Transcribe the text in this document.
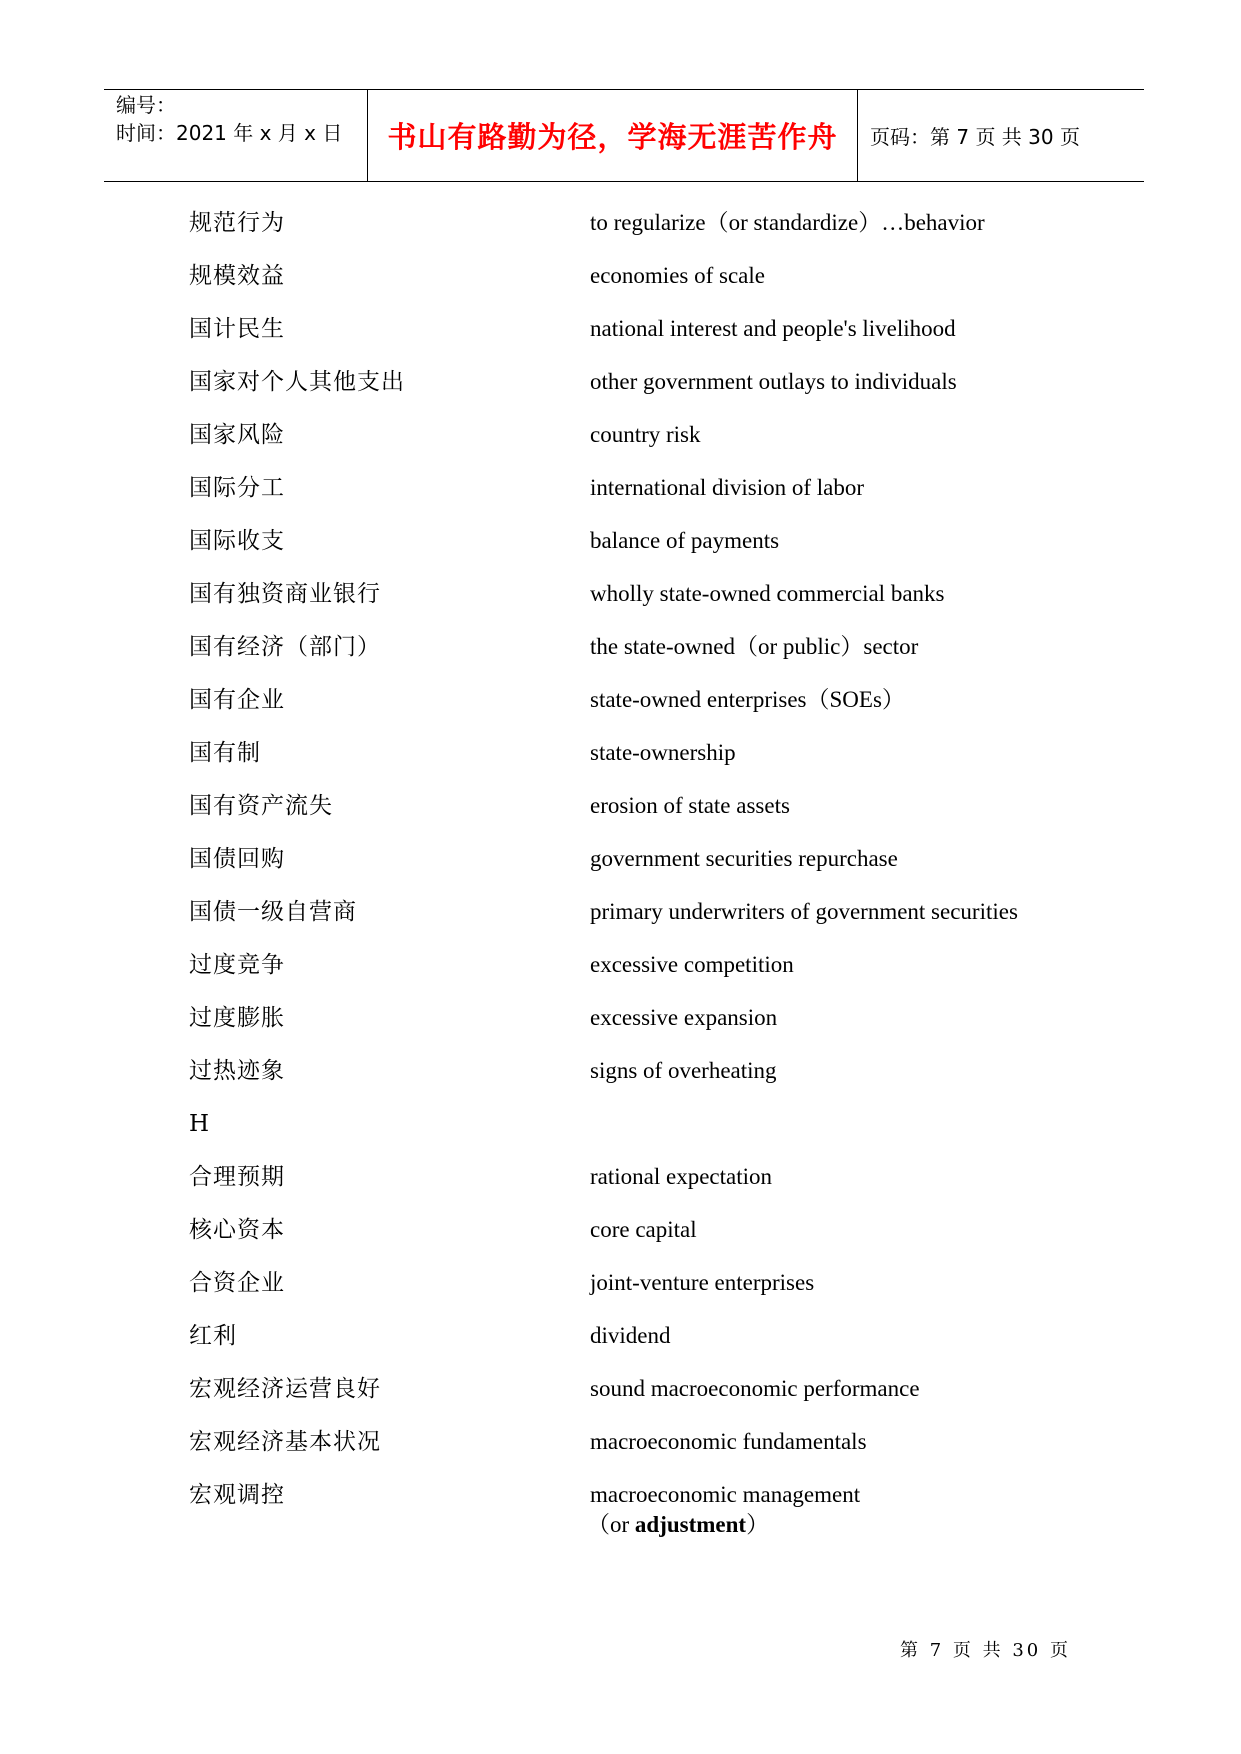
编号：
时间：2021 年 x 月 x 日	书山有路勤为径，学海无涯苦作舟 页码：第 7 页 共 30 页
规范行为	to regularize（or standardize）…behavior
规模效益	economies of scale
国计民生	national interest and people's livelihood
国家对个人其他支出	other government outlays to individuals
国家风险	country risk
国际分工	international division of labor
国际收支	balance of payments
国有独资商业银行	wholly state-owned commercial banks
国有经济（部门）	the state-owned（or public）sector
国有企业	state-owned enterprises（SOEs）
国有制	state-ownership
国有资产流失	erosion of state assets
国债回购	government securities repurchase
国债一级自营商	primary underwriters of government securities
过度竞争	excessive competition
过度膨胀	excessive expansion
过热迹象	signs of overheating
H
合理预期	rational expectation
核心资本	core capital
合资企业	joint-venture enterprises
红利	dividend
宏观经济运营良好	sound macroeconomic performance
宏观经济基本状况	macroeconomic fundamentals
宏观调控	macroeconomic management
（or adjustment）
第 7 页 共 30 页
